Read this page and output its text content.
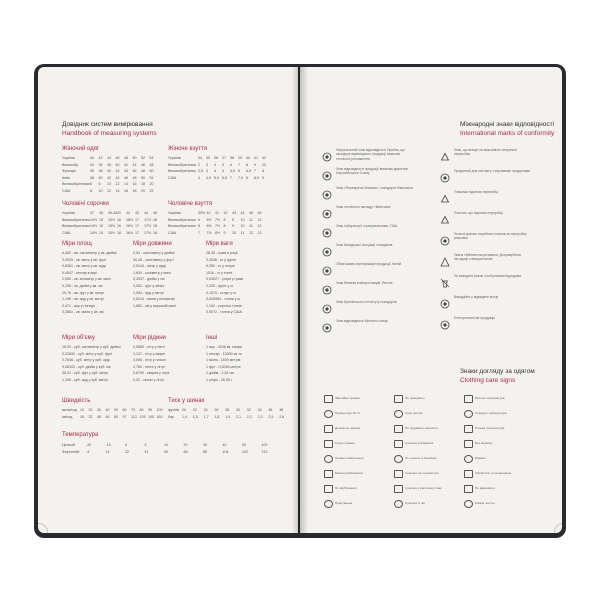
Довідник систем вимірювання

Handbook of measuring systems

Жіночий одяг

Україна	40 42 44 46 48 50 52 54
Великобр.	34 36 38 40 42 44 46 48
Франція	36 38 40 42 44 46 48 50
Italia	38 40 42 44 46 48 50 52
Великобритания 6 8 10 12 14 16 18 20
США	8 10 12 14 16 18 20 22

Жіноче взуття

Україна	34 35 36 37 38 39 40 41 42
Великобритания 2 3 4 5 6 7 8 9 10
Великобритания 2,5 3 4 5 5,5 6 6,5 7 8
США	4 4,5 5,5 6,5 7 7,5 8 8,5 9

Чоловічі сорочки

Україна	37 38 39-40 41 42 43 44 45
Великобритания 14½ 15 15½ 16 16½ 17 17½ 18
Великобритания 14½ 15 15½ 16 16½ 17 17½ 18
США	14½ 15 15½ 16 16½ 17 17½ 18

Чоловіче взуття

Україна	39½ 40 41 42 43 44 45 46
Великобритания 6 6½ 7½ 8 9 10 11 12
Великобритания 6 6½ 7½ 8 9 10 11 12
США	7 7½ 8½ 9 10 11 12 13

Міри площ

6,452 - кв. сантиметр у кв. дюймі
0,0929 - кв. метр у кв. футі
0,8361 - кв. метр у кв. ярді
0,4047 - гектар в акрі
2,590 - кв. кілометр у кв. милі
0,155 - кв. дюйм у кв. см
10,76 - кв. фут у кв. метрі
1,196 - кв. ярд у кв. метрі
2,471 - акр у гектарі
0,3861 - кв. миля у кв. км

Міри довжини

2,54 - сантиметр у дюймі
30,48 - сантиметр у футі
0,9144 - метр у ярді
1,609 - кілометр у милі
0,3937 - дюйм у см
3,281 - фут у метрі
1,094 - ярд у метрі
0,6214 - миля у кілометрі
1,852 - км у морській милі

Міри ваги

28,35 - грам в унції
0,4536 - кг у фунті
6,350 - кг у стоуні
1016 - кг у тонні
0,03527 - унція у грамі
2,205 - фунт у кг
0,1575 - стоун у кг
0,000984 - тонна у кг
1,102 - коротка тонна
0,9072 - тонна у США

Міри об'єму

16,39 - куб. сантиметр у куб. дюймі
0,02832 - куб. метр у куб. футі
0,7646 - куб. метр у куб. ярді
0,06102 - куб. дюйм у куб. см
35,31 - куб. фут у куб. метрі
1,308 - куб. ярд у куб. метрі

Міри рідини

0,5683 - літр у пінті
1,137 - літр у кварті
4,546 - літр у галоні
1,760 - пінта у літрі
0,8799 - кварта у літрі
0,22 - галон у літрі

Інші

1 акр - 4046 кв. метри
1 гектар - 10000 кв. м
1 миля - 1609 метрів
1 фут - 0,3048 метра
1 дюйм - 2,54 см
1 унція - 28,35 г

Швидкість

миль/год 10 20 30 40 50 60 70 80 90 100
км/год 16 32 48 64 80 97 113 129 145 161

Тиск у шинах

фунтів 20 22 24 26 28 30 32 34 36 38
бар 1,4 1,5 1,7 1,8 1,9 2,1 2,2 2,3 2,5 2,6

Температура

Цельсій	-20	-10	0	5	10	20	30	40	50	100
Фаренгейт -4	14	32	41	50	68	86	104	122	212

Міжнародні знаки відповідності

International marks of conformity

Національний знак відповідності України, що засвідчує відповідність продукції вимогам технічних регламентів
Знак відповідності продукції вимогам директив Європейського Союзу
Знак «Перевірена безпека», стандарти Німеччини
Знак технічного нагляду, Німеччина
Знак лабораторії страхувальників, США
Знак Канадської асоціації стандартів
Обов'язкова сертифікація продукції, Китай
Знак безпеки електротоварів, Японія
Знак Британського інституту стандартів
Знак відповідності Митного союзу
Знак, що вказує на можливість вторинної переробки
Придатний для контакту з харчовими продуктами
Упаковка підлягає переробці
Пластик, що підлягає переробці
Зелена крапка: виробник сплатив за переробку упаковки
Увага! Небезпечна речовина. Дотримуйтесь інструкції з використання
Не викидати разом з побутовими відходами
Викидайте у відведене місце
Електротехнічна продукція

Знаки догляду за одягом

Clothing care signs

Звичайне прання
Прання при 30 °C
Делікатне прання
Ручне прання
Прання заборонено
Можна відбілювати
Не відбілювати
Прасування
Не прасувати
Суха чистка
Не піддавати хімчистці
Сушіння в барабані
Не сушити в барабані
Сушіння на горизонталі
Сушіння у висячому стані
Сушіння в тіні
Висока температура
Середня температура
Низька температура
Без віджиму
Віджим
Хімчистка з розчинником
Не віджимати
Мокра чистка
